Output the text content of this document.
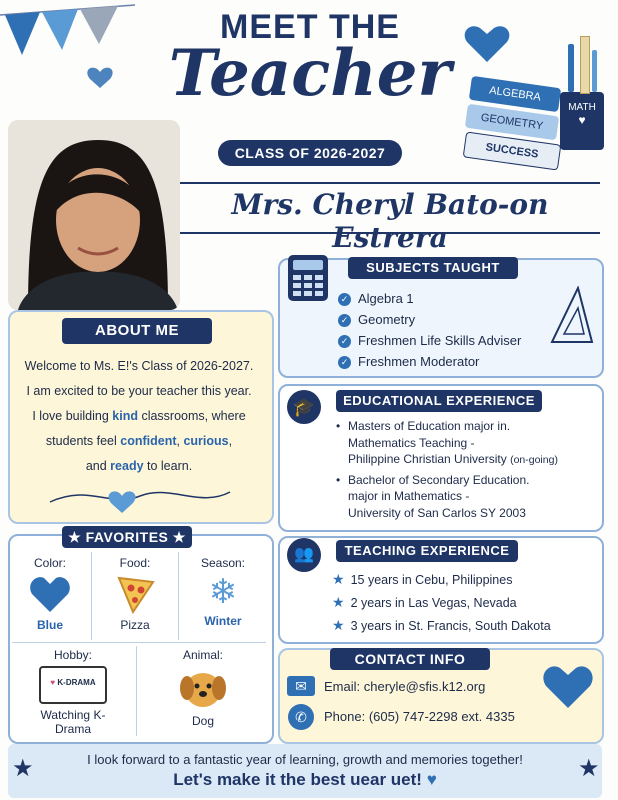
MEET THE
Teacher
CLASS OF 2026-2027
ALGEBRA
GEOMETRY
SUCCESS
MATH
♥
Mrs. Cheryl Bato-on Estrera
ABOUT ME
Welcome to Ms. E!'s Class of 2026-2027.
I am excited to be your teacher this year.
I love building kind classrooms, where
students feel confident, curious,
and ready to learn.
SUBJECTS TAUGHT
✓ Algebra 1
✓ Geometry
✓ Freshmen Life Skills Adviser
✓ Freshmen Moderator
🎓	EDUCATIONAL EXPERIENCE
• Masters of Education major in.
Mathematics Teaching -
Philippine Christian University (on-going)
• Bachelor of Secondary Education.
major in Mathematics -
University of San Carlos SY 2003
★ FAVORITES ★
Color:
Blue
Food:
Pizza
Season:
❄
Winter
Hobby:
♥ K-DRAMA
Watching K-Drama
Animal:
Dog
👥	TEACHING EXPERIENCE
★ 15 years in Cebu, Philippines
★ 2 years in Las Vegas, Nevada
★ 3 years in St. Francis, South Dakota
CONTACT INFO
✉	Email: cheryle@sfis.k12.org
✆	Phone: (605) 747-2298 ext. 4335
★	★
I look forward to a fantastic year of learning, growth and memories together!
Let's make it the best uear uet! ♥
